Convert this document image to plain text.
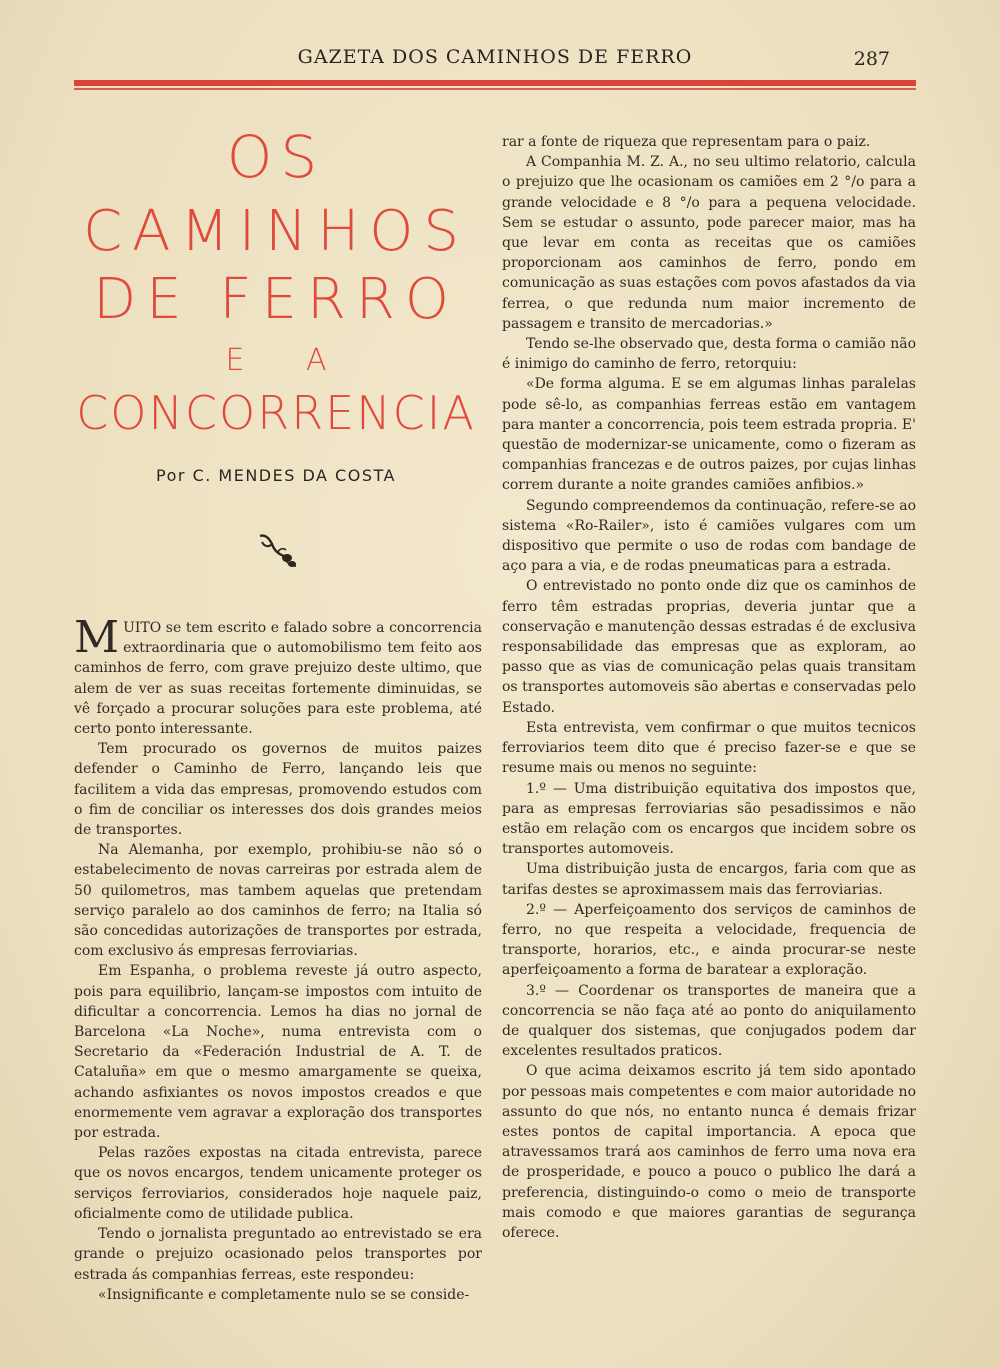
GAZETA DOS CAMINHOS DE FERRO	287
OS
CAMINHOS
DE FERRO
E A
CONCORRENCIA
Por C. MENDES DA COSTA

MUITO se tem escrito e falado sobre a concorrencia extraordinaria que o automobilismo tem feito aos caminhos de ferro, com grave prejuizo deste ultimo, que alem de ver as suas receitas fortemente diminuidas, se vê forçado a procurar soluções para este problema, até certo ponto interessante.

Tem procurado os governos de muitos paizes defender o Caminho de Ferro, lançando leis que facilitem a vida das empresas, promovendo estudos com o fim de conciliar os interesses dos dois grandes meios de transportes.

Na Alemanha, por exemplo, prohibiu-se não só o estabelecimento de novas carreiras por estrada alem de 50 quilometros, mas tambem aquelas que pretendam serviço paralelo ao dos caminhos de ferro; na Italia só são concedidas autorizações de transportes por estrada, com exclusivo ás empresas ferroviarias.

Em Espanha, o problema reveste já outro aspecto, pois para equilibrio, lançam-se impostos com intuito de dificultar a concorrencia. Lemos ha dias no jornal de Barcelona «La Noche», numa entrevista com o Secretario da «Federación Industrial de A. T. de Cataluña» em que o mesmo amargamente se queixa, achando asfixiantes os novos impostos creados e que enormemente vem agravar a exploração dos transportes por estrada.

Pelas razões expostas na citada entrevista, parece que os novos encargos, tendem unicamente proteger os serviços ferroviarios, considerados hoje naquele paiz, oficialmente como de utilidade publica.

Tendo o jornalista preguntado ao entrevistado se era grande o prejuizo ocasionado pelos transportes por estrada ás companhias ferreas, este respondeu:

«Insignificante e completamente nulo se se conside-

rar a fonte de riqueza que representam para o paiz.

A Companhia M. Z. A., no seu ultimo relatorio, calcula o prejuizo que lhe ocasionam os camiões em 2 °/o para a grande velocidade e 8 °/o para a pequena velocidade. Sem se estudar o assunto, pode parecer maior, mas ha que levar em conta as receitas que os camiões proporcionam aos caminhos de ferro, pondo em comunicação as suas estações com povos afastados da via ferrea, o que redunda num maior incremento de passagem e transito de mercadorias.»

Tendo se-lhe observado que, desta forma o camião não é inimigo do caminho de ferro, retorquiu:

«De forma alguma. E se em algumas linhas paralelas pode sê-lo, as companhias ferreas estão em vantagem para manter a concorrencia, pois teem estrada propria. E' questão de modernizar-se unicamente, como o fizeram as companhias francezas e de outros paizes, por cujas linhas correm durante a noite grandes camiões anfibios.»

Segundo compreendemos da continuação, refere-se ao sistema «Ro-Railer», isto é camiões vulgares com um dispositivo que permite o uso de rodas com bandage de aço para a via, e de rodas pneumaticas para a estrada.

O entrevistado no ponto onde diz que os caminhos de ferro têm estradas proprias, deveria juntar que a conservação e manutenção dessas estradas é de exclusiva responsabilidade das empresas que as exploram, ao passo que as vias de comunicação pelas quais transitam os transportes automoveis são abertas e conservadas pelo Estado.

Esta entrevista, vem confirmar o que muitos tecnicos ferroviarios teem dito que é preciso fazer-se e que se resume mais ou menos no seguinte:

1.º — Uma distribuição equitativa dos impostos que, para as empresas ferroviarias são pesadissimos e não estão em relação com os encargos que incidem sobre os transportes automoveis.

Uma distribuição justa de encargos, faria com que as tarifas destes se aproximassem mais das ferroviarias.

2.º — Aperfeiçoamento dos serviços de caminhos de ferro, no que respeita a velocidade, frequencia de transporte, horarios, etc., e ainda procurar-se neste aperfeiçoamento a forma de baratear a exploração.

3.º — Coordenar os transportes de maneira que a concorrencia se não faça até ao ponto do aniquilamento de qualquer dos sistemas, que conjugados podem dar excelentes resultados praticos.

O que acima deixamos escrito já tem sido apontado por pessoas mais competentes e com maior autoridade no assunto do que nós, no entanto nunca é demais frizar estes pontos de capital importancia. A epoca que atravessamos trará aos caminhos de ferro uma nova era de prosperidade, e pouco a pouco o publico lhe dará a preferencia, distinguindo-o como o meio de transporte mais comodo e que maiores garantias de segurança oferece.
